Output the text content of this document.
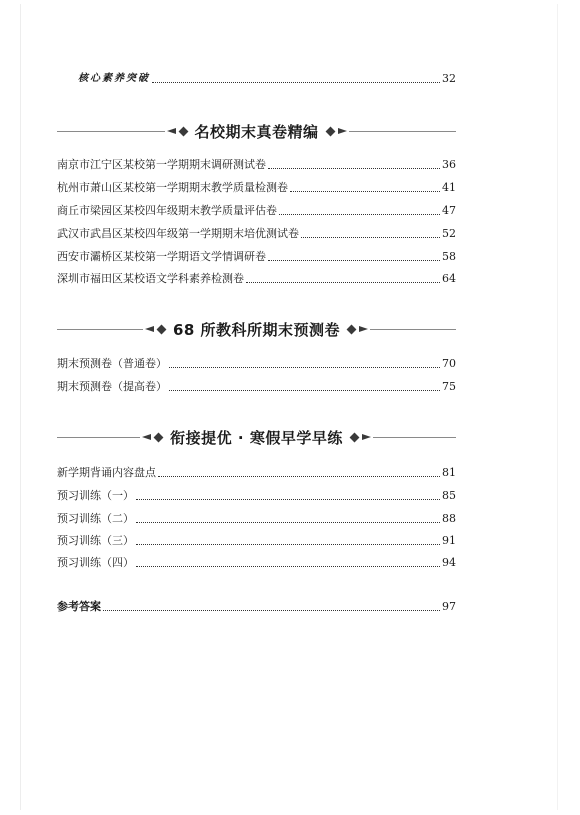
核心素养突破	32
名校期末真卷精编
南京市江宁区某校第一学期期末调研测试卷	36
杭州市萧山区某校第一学期期末教学质量检测卷	41
商丘市梁园区某校四年级期末教学质量评估卷	47
武汉市武昌区某校四年级第一学期期末培优测试卷	52
西安市灞桥区某校第一学期语文学情调研卷	58
深圳市福田区某校语文学科素养检测卷	64
68 所教科所期末预测卷
期末预测卷（普通卷）	70
期末预测卷（提高卷）	75
衔接提优 · 寒假早学早练
新学期背诵内容盘点	81
预习训练（一）	85
预习训练（二）	88
预习训练（三）	91
预习训练（四）	94
参考答案	97
